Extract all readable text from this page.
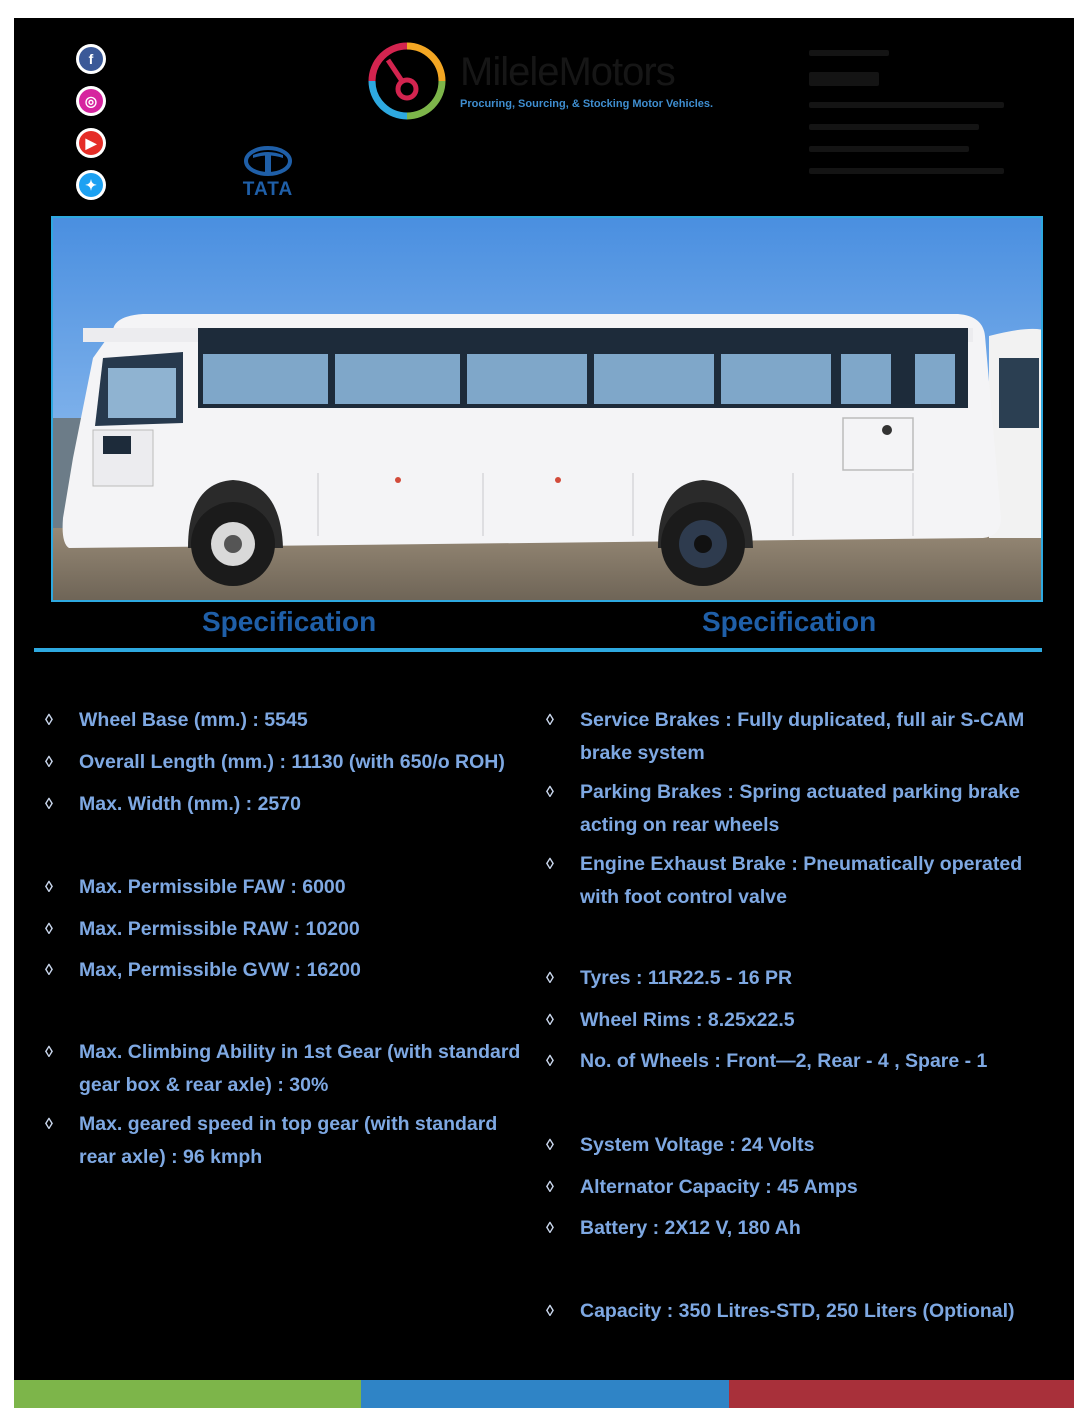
f
◎
▶
✦	TATA
MileleMotors
Procuring, Sourcing, & Stocking Motor Vehicles.
Specification	Specification
◊ Wheel Base (mm.) : 5545
◊ Overall Length (mm.) : 11130 (with 650/o ROH)
◊ Max. Width (mm.) : 2570
◊ Max. Permissible FAW : 6000
◊ Max. Permissible RAW : 10200
◊ Max, Permissible GVW : 16200
◊ Max. Climbing Ability in 1st Gear (with standard
gear box & rear axle) : 30%
◊ Max. geared speed in top gear (with standard
rear axle) : 96 kmph
◊ Service Brakes : Fully duplicated, full air S-CAM
brake system
◊ Parking Brakes : Spring actuated parking brake
acting on rear wheels
◊ Engine Exhaust Brake : Pneumatically operated
with foot control valve
◊ Tyres : 11R22.5 - 16 PR
◊ Wheel Rims : 8.25x22.5
◊ No. of Wheels : Front—2, Rear - 4 , Spare - 1
◊ System Voltage : 24 Volts
◊ Alternator Capacity : 45 Amps
◊ Battery : 2X12 V, 180 Ah
◊ Capacity : 350 Litres-STD, 250 Liters (Optional)
